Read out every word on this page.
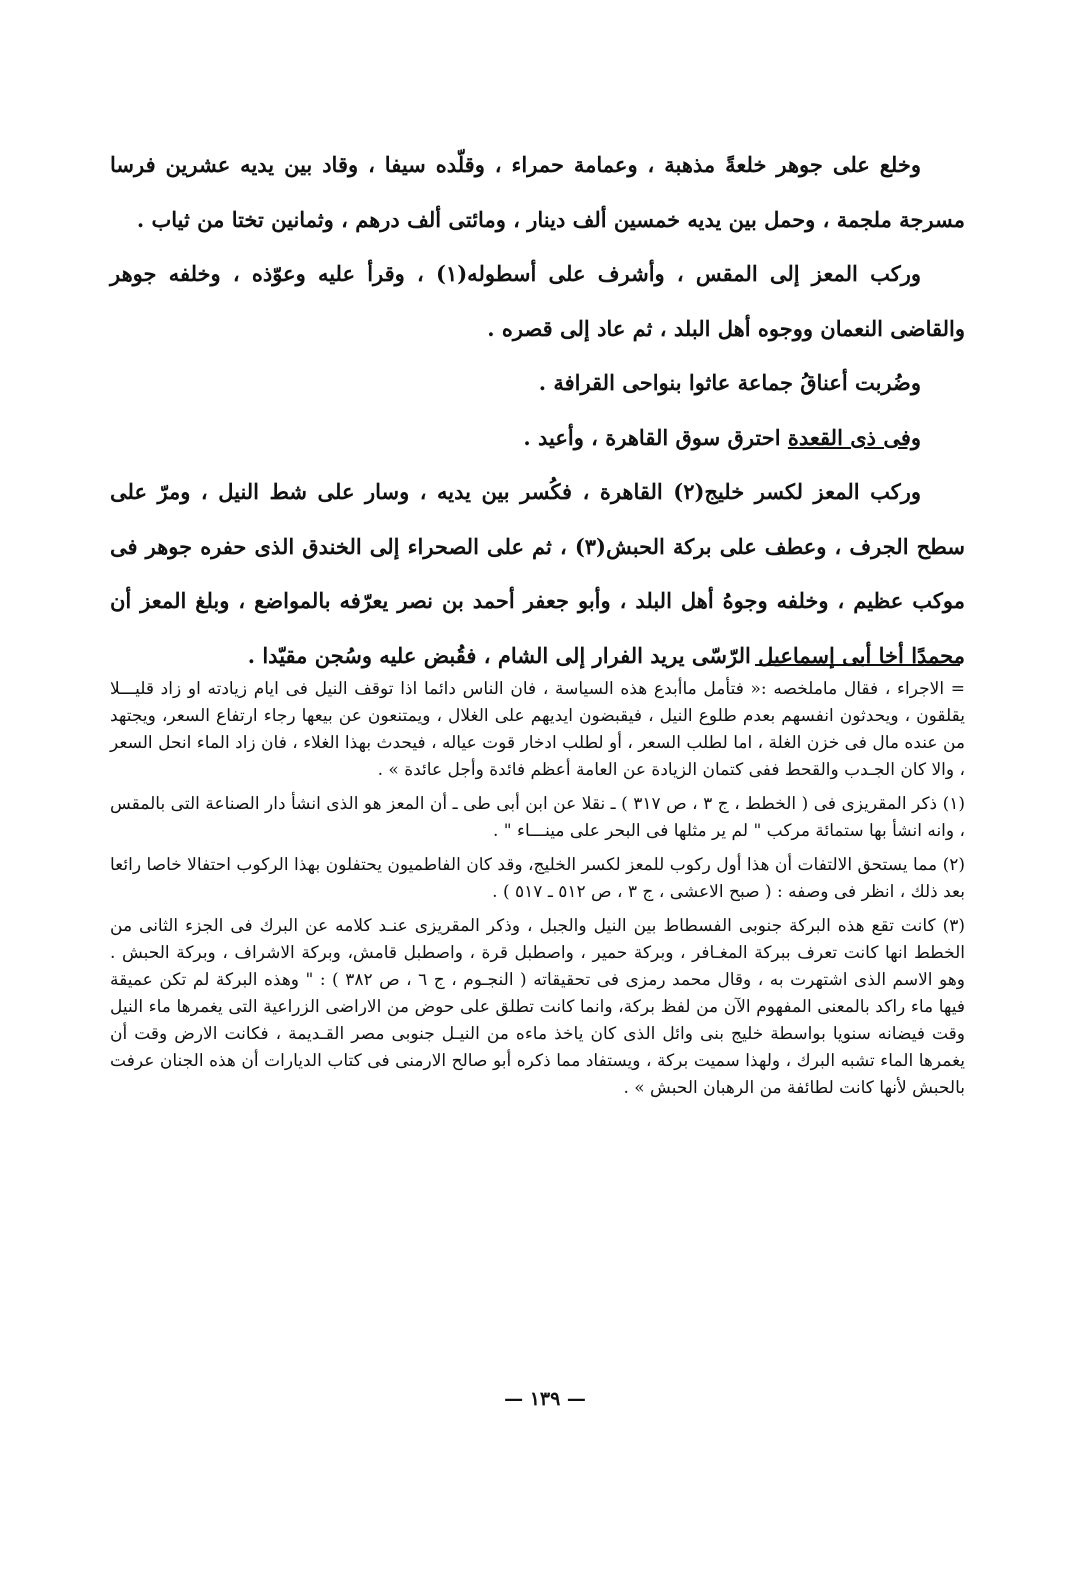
وخلع على جوهر خلعةً مذهبة ، وعمامة حمراء ، وقلّده سيفا ، وقاد بين يديه عشرين فرسا مسرجة ملجمة ، وحمل بين يديه خمسين ألف دينار ، ومائتى ألف درهم ، وثمانين تختا من ثياب .

وركب المعز إلى المقس ، وأشرف على أسطوله(١) ، وقرأ عليه وعوّذه ، وخلفه جوهر والقاضى النعمان ووجوه أهل البلد ، ثم عاد إلى قصره .

وضُربت أعناقُ جماعة عاثوا بنواحى القرافة .

وفى ذى القعدة احترق سوق القاهرة ، وأعيد .

وركب المعز لكسر خليج(٢) القاهرة ، فكُسر بين يديه ، وسار على شط النيل ، ومرّ على سطح الجرف ، وعطف على بركة الحبش(٣) ، ثم على الصحراء إلى الخندق الذى حفره جوهر فى موكب عظيم ، وخلفه وجوهُ أهل البلد ، وأبو جعفر أحمد بن نصر يعرّفه بالمواضع ، وبلغ المعز أن محمدًا أخا أبى إسماعيل الرّسّى يريد الفرار إلى الشام ، فقُبض عليه وسُجن مقيّدا .

= الاجراء ، فقال ماملخصه :« فتأمل ماأبدع هذه السياسة ، فان الناس دائما اذا توقف النيل فى ايام زيادته او زاد قليـــلا يقلقون ، ويحدثون انفسهم بعدم طلوع النيل ، فيقبضون ايديهم على الغلال ، ويمتنعون عن بيعها رجاء ارتفاع السعر، ويجتهد من عنده مال فى خزن الغلة ، اما لطلب السعر ، أو لطلب ادخار قوت عياله ، فيحدث بهذا الغلاء ، فان زاد الماء انحل السعر ، والا كان الجـدب والقحط ففى كتمان الزيادة عن العامة أعظم فائدة وأجل عائدة » .

(١) ذكر المقريزى فى ( الخطط ، ج ٣ ، ص ٣١٧ ) ـ نقلا عن ابن أبى طى ـ أن المعز هو الذى انشأ دار الصناعة التى بالمقس ، وانه انشأ بها ستمائة مركب " لم ير مثلها فى البحر على مينـــاء " .

(٢) مما يستحق الالتفات أن هذا أول ركوب للمعز لكسر الخليج، وقد كان الفاطميون يحتفلون بهذا الركوب احتفالا خاصا رائعا بعد ذلك ، انظر فى وصفه : ( صبح الاعشى ، ج ٣ ، ص ٥١٢ ـ ٥١٧ ) .

(٣) كانت تقع هذه البركة جنوبى الفسطاط بين النيل والجبل ، وذكر المقريزى عنـد كلامه عن البرك فى الجزء الثانى من الخطط انها كانت تعرف ببركة المغـافر ، وبركة حمير ، واصطبل قرة ، واصطبل قامش، وبركة الاشراف ، وبركة الحبش . وهو الاسم الذى اشتهرت به ، وقال محمد رمزى فى تحقيقاته ( النجـوم ، ج ٦ ، ص ٣٨٢ ) : " وهذه البركة لم تكن عميقة فيها ماء راكد بالمعنى المفهوم الآن من لفظ بركة، وانما كانت تطلق على حوض من الاراضى الزراعية التى يغمرها ماء النيل وقت فيضانه سنويا بواسطة خليج بنى وائل الذى كان ياخذ ماءه من النيـل جنوبى مصر القـديمة ، فكانت الارض وقت أن يغمرها الماء تشبه البرك ، ولهذا سميت بركة ، ويستفاد مما ذكره أبو صالح الارمنى فى كتاب الديارات أن هذه الجنان عرفت بالحبش لأنها كانت لطائفة من الرهبان الحبش » .

— ١٣٩ —
